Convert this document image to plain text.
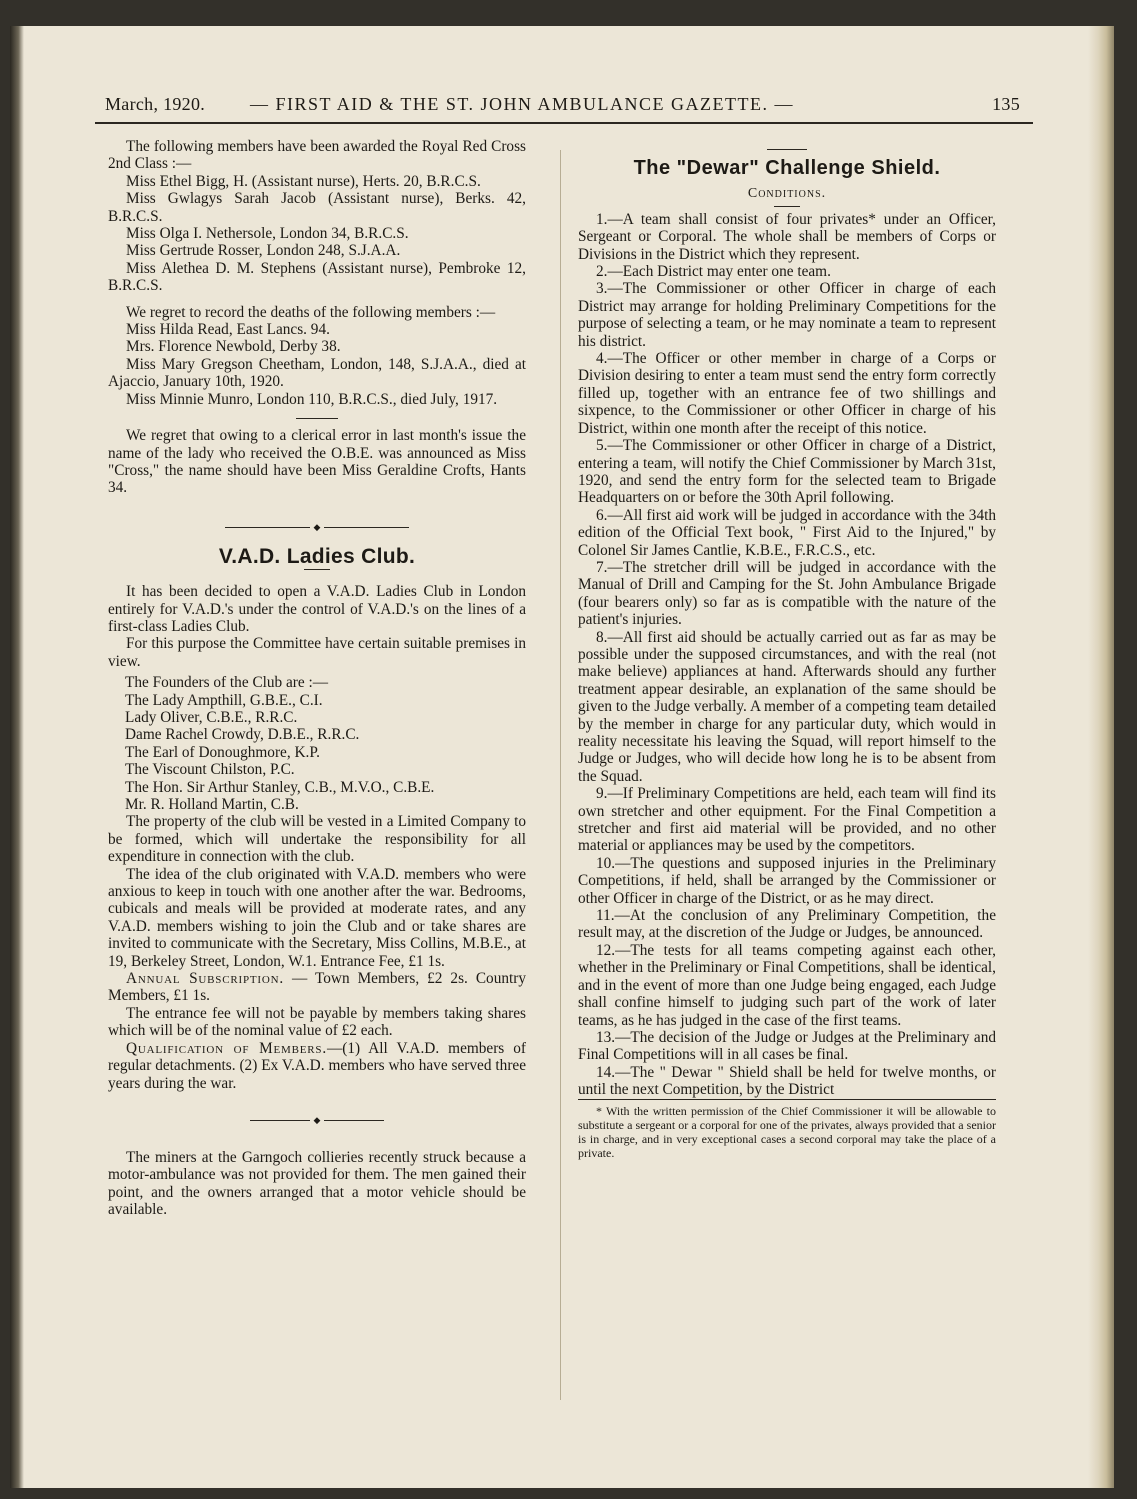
March, 1920. — FIRST AID & THE ST. JOHN AMBULANCE GAZETTE. —	135

The following members have been awarded the Royal Red Cross 2nd Class :—

Miss Ethel Bigg, H. (Assistant nurse), Herts. 20, B.R.C.S.

Miss Gwlagys Sarah Jacob (Assistant nurse), Berks. 42, B.R.C.S.

Miss Olga I. Nethersole, London 34, B.R.C.S.

Miss Gertrude Rosser, London 248, S.J.A.A.

Miss Alethea D. M. Stephens (Assistant nurse), Pembroke 12, B.R.C.S.

We regret to record the deaths of the following members :—

Miss Hilda Read, East Lancs. 94.

Mrs. Florence Newbold, Derby 38.

Miss Mary Gregson Cheetham, London, 148, S.J.A.A., died at Ajaccio, January 10th, 1920.

Miss Minnie Munro, London 110, B.R.C.S., died July, 1917.

We regret that owing to a clerical error in last month's issue the name of the lady who received the O.B.E. was announced as Miss "Cross," the name should have been Miss Geraldine Crofts, Hants 34.

◆
V.A.D. Ladies Club.

It has been decided to open a V.A.D. Ladies Club in London entirely for V.A.D.'s under the control of V.A.D.'s on the lines of a first-class Ladies Club.

For this purpose the Committee have certain suitable premises in view.

The Founders of the Club are :—

The Lady Ampthill, G.B.E., C.I.

Lady Oliver, C.B.E., R.R.C.

Dame Rachel Crowdy, D.B.E., R.R.C.

The Earl of Donoughmore, K.P.

The Viscount Chilston, P.C.

The Hon. Sir Arthur Stanley, C.B., M.V.O., C.B.E.

Mr. R. Holland Martin, C.B.

The property of the club will be vested in a Limited Company to be formed, which will undertake the responsibility for all expenditure in connection with the club.

The idea of the club originated with V.A.D. members who were anxious to keep in touch with one another after the war. Bedrooms, cubicals and meals will be provided at moderate rates, and any V.A.D. members wishing to join the Club and or take shares are invited to communicate with the Secretary, Miss Collins, M.B.E., at 19, Berkeley Street, London, W.1. Entrance Fee, £1 1s.

Annual Subscription. — Town Members, £2 2s. Country Members, £1 1s.

The entrance fee will not be payable by members taking shares which will be of the nominal value of £2 each.

Qualification of Members.—(1) All V.A.D. members of regular detachments. (2) Ex V.A.D. members who have served three years during the war.

◆

The miners at the Garngoch collieries recently struck because a motor-ambulance was not provided for them. The men gained their point, and the owners arranged that a motor vehicle should be available.

The "Dewar" Challenge Shield.
Conditions.

1.—A team shall consist of four privates* under an Officer, Sergeant or Corporal. The whole shall be members of Corps or Divisions in the District which they represent.

2.—Each District may enter one team.

3.—The Commissioner or other Officer in charge of each District may arrange for holding Preliminary Competitions for the purpose of selecting a team, or he may nominate a team to represent his district.

4.—The Officer or other member in charge of a Corps or Division desiring to enter a team must send the entry form correctly filled up, together with an entrance fee of two shillings and sixpence, to the Commissioner or other Officer in charge of his District, within one month after the receipt of this notice.

5.—The Commissioner or other Officer in charge of a District, entering a team, will notify the Chief Commissioner by March 31st, 1920, and send the entry form for the selected team to Brigade Headquarters on or before the 30th April following.

6.—All first aid work will be judged in accordance with the 34th edition of the Official Text book, " First Aid to the Injured," by Colonel Sir James Cantlie, K.B.E., F.R.C.S., etc.

7.—The stretcher drill will be judged in accordance with the Manual of Drill and Camping for the St. John Ambulance Brigade (four bearers only) so far as is compatible with the nature of the patient's injuries.

8.—All first aid should be actually carried out as far as may be possible under the supposed circumstances, and with the real (not make believe) appliances at hand. Afterwards should any further treatment appear desirable, an explanation of the same should be given to the Judge verbally. A member of a competing team detailed by the member in charge for any particular duty, which would in reality necessitate his leaving the Squad, will report himself to the Judge or Judges, who will decide how long he is to be absent from the Squad.

9.—If Preliminary Competitions are held, each team will find its own stretcher and other equipment. For the Final Competition a stretcher and first aid material will be provided, and no other material or appliances may be used by the competitors.

10.—The questions and supposed injuries in the Preliminary Competitions, if held, shall be arranged by the Commissioner or other Officer in charge of the District, or as he may direct.

11.—At the conclusion of any Preliminary Competition, the result may, at the discretion of the Judge or Judges, be announced.

12.—The tests for all teams competing against each other, whether in the Preliminary or Final Competitions, shall be identical, and in the event of more than one Judge being engaged, each Judge shall confine himself to judging such part of the work of later teams, as he has judged in the case of the first teams.

13.—The decision of the Judge or Judges at the Preliminary and Final Competitions will in all cases be final.

14.—The " Dewar " Shield shall be held for twelve months, or until the next Competition, by the District

* With the written permission of the Chief Commissioner it will be allowable to substitute a sergeant or a corporal for one of the privates, always provided that a senior is in charge, and in very exceptional cases a second corporal may take the place of a private.
